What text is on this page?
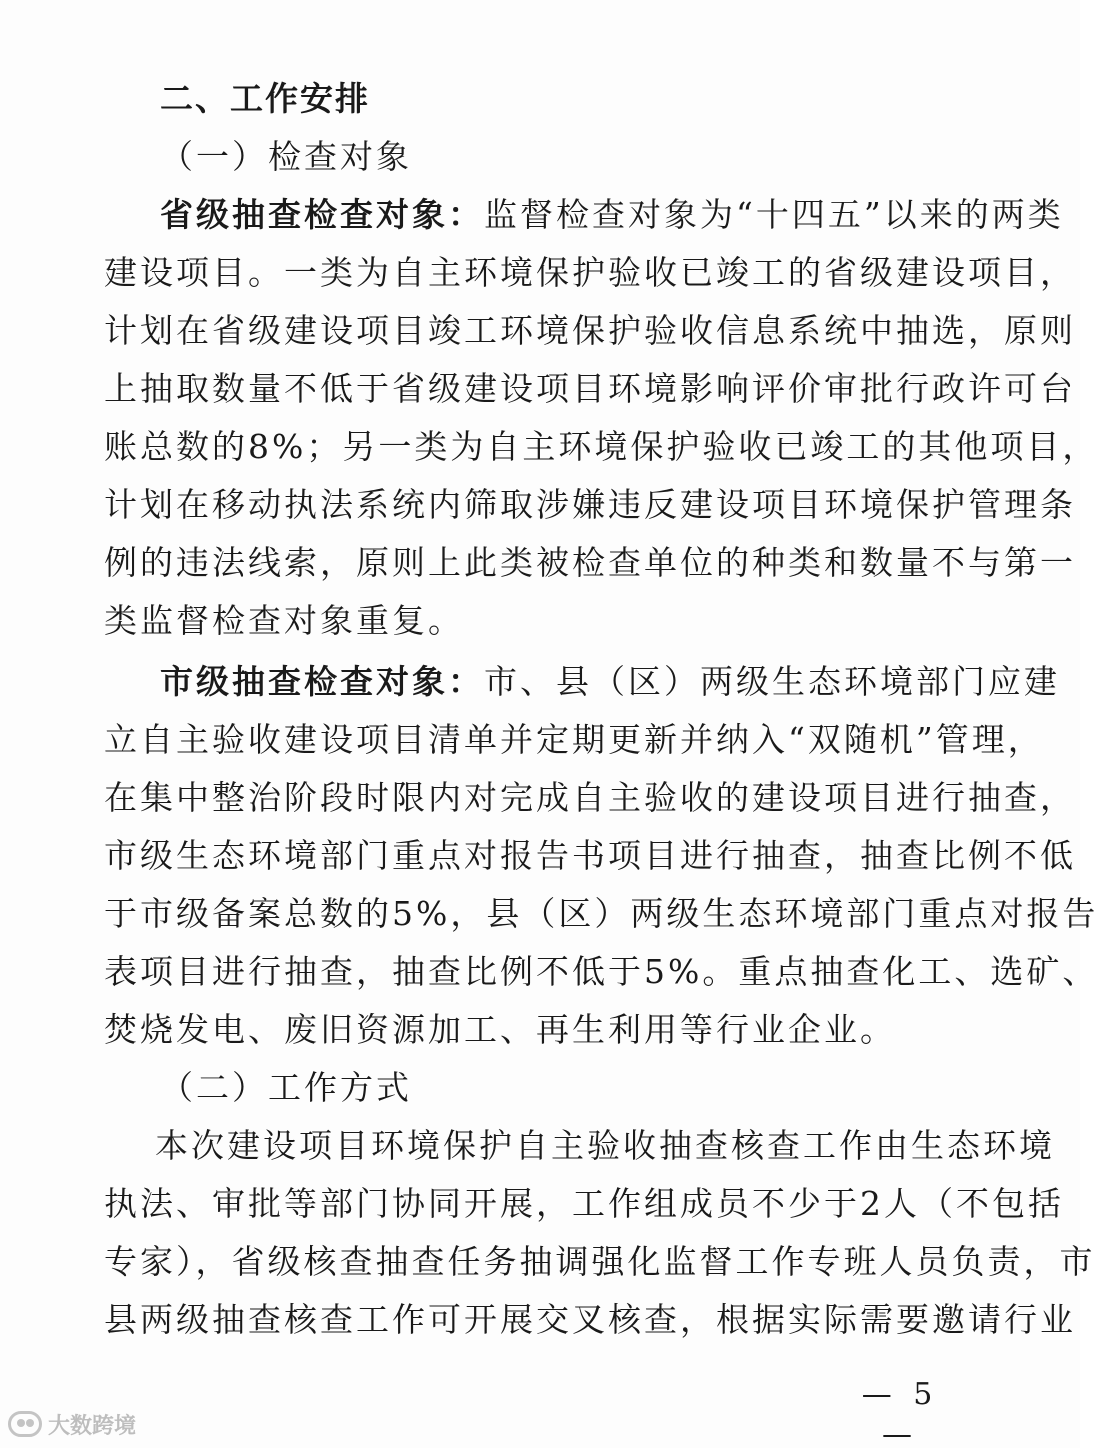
二、工作安排
（一）检查对象
省级抽查检查对象：监督检查对象为“十四五”以来的两类
建设项目。一类为自主环境保护验收已竣工的省级建设项目，
计划在省级建设项目竣工环境保护验收信息系统中抽选，原则
上抽取数量不低于省级建设项目环境影响评价审批行政许可台
账总数的8%；另一类为自主环境保护验收已竣工的其他项目，
计划在移动执法系统内筛取涉嫌违反建设项目环境保护管理条
例的违法线索，原则上此类被检查单位的种类和数量不与第一
类监督检查对象重复。
市级抽查检查对象：市、县（区）两级生态环境部门应建
立自主验收建设项目清单并定期更新并纳入“双随机”管理，
在集中整治阶段时限内对完成自主验收的建设项目进行抽查，
市级生态环境部门重点对报告书项目进行抽查，抽查比例不低
于市级备案总数的5%，县（区）两级生态环境部门重点对报告
表项目进行抽查，抽查比例不低于5%。重点抽查化工、选矿、
焚烧发电、废旧资源加工、再生利用等行业企业。
（二）工作方式
本次建设项目环境保护自主验收抽查核查工作由生态环境
执法、审批等部门协同开展，工作组成员不少于2人（不包括
专家），省级核查抽查任务抽调强化监督工作专班人员负责，市
县两级抽查核查工作可开展交叉核查，根据实际需要邀请行业
— 5 —
大数跨境
